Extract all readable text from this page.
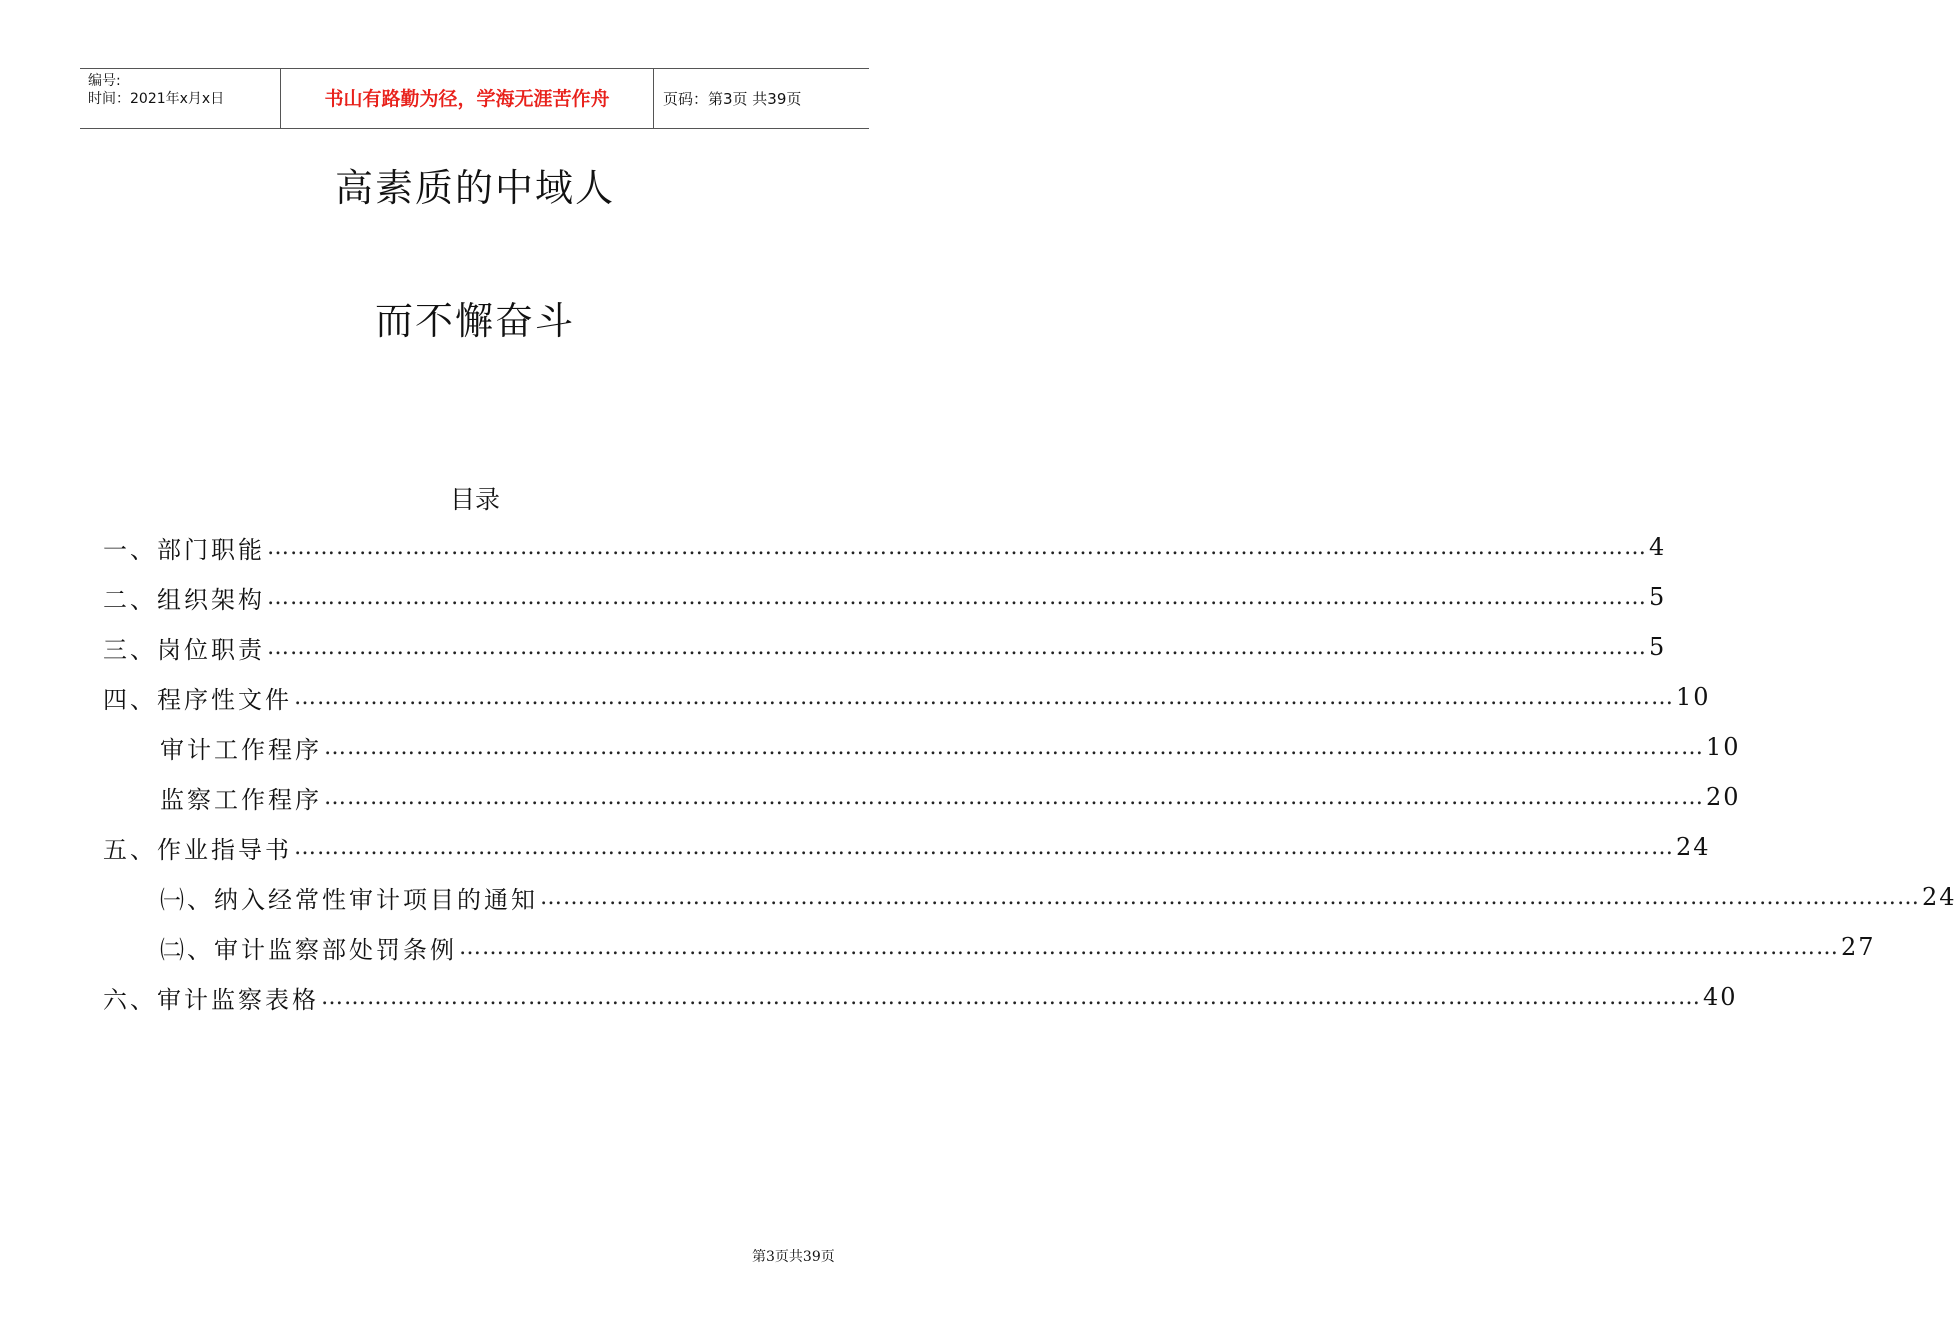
编号:
时间：2021年x月x日	书山有路勤为径，学海无涯苦作舟	页码：第3页 共39页
高素质的中域人
而不懈奋斗
目录
一、部门职能 ……………………………………………………………………………………………………………………………………………………………… 4
二、组织架构 ……………………………………………………………………………………………………………………………………………………………… 5
三、岗位职责 ……………………………………………………………………………………………………………………………………………………………… 5
四、程序性文件 ……………………………………………………………………………………………………………………………………………………………… 10
审计工作程序 ……………………………………………………………………………………………………………………………………………………………… 10
监察工作程序 ……………………………………………………………………………………………………………………………………………………………… 20
五、作业指导书 ……………………………………………………………………………………………………………………………………………………………… 24
㈠、纳入经常性审计项目的通知 ……………………………………………………………………………………………………………………………………………………………… 24
㈡、审计监察部处罚条例 ……………………………………………………………………………………………………………………………………………………………… 27
六、审计监察表格 ……………………………………………………………………………………………………………………………………………………………… 40
第3页共39页
